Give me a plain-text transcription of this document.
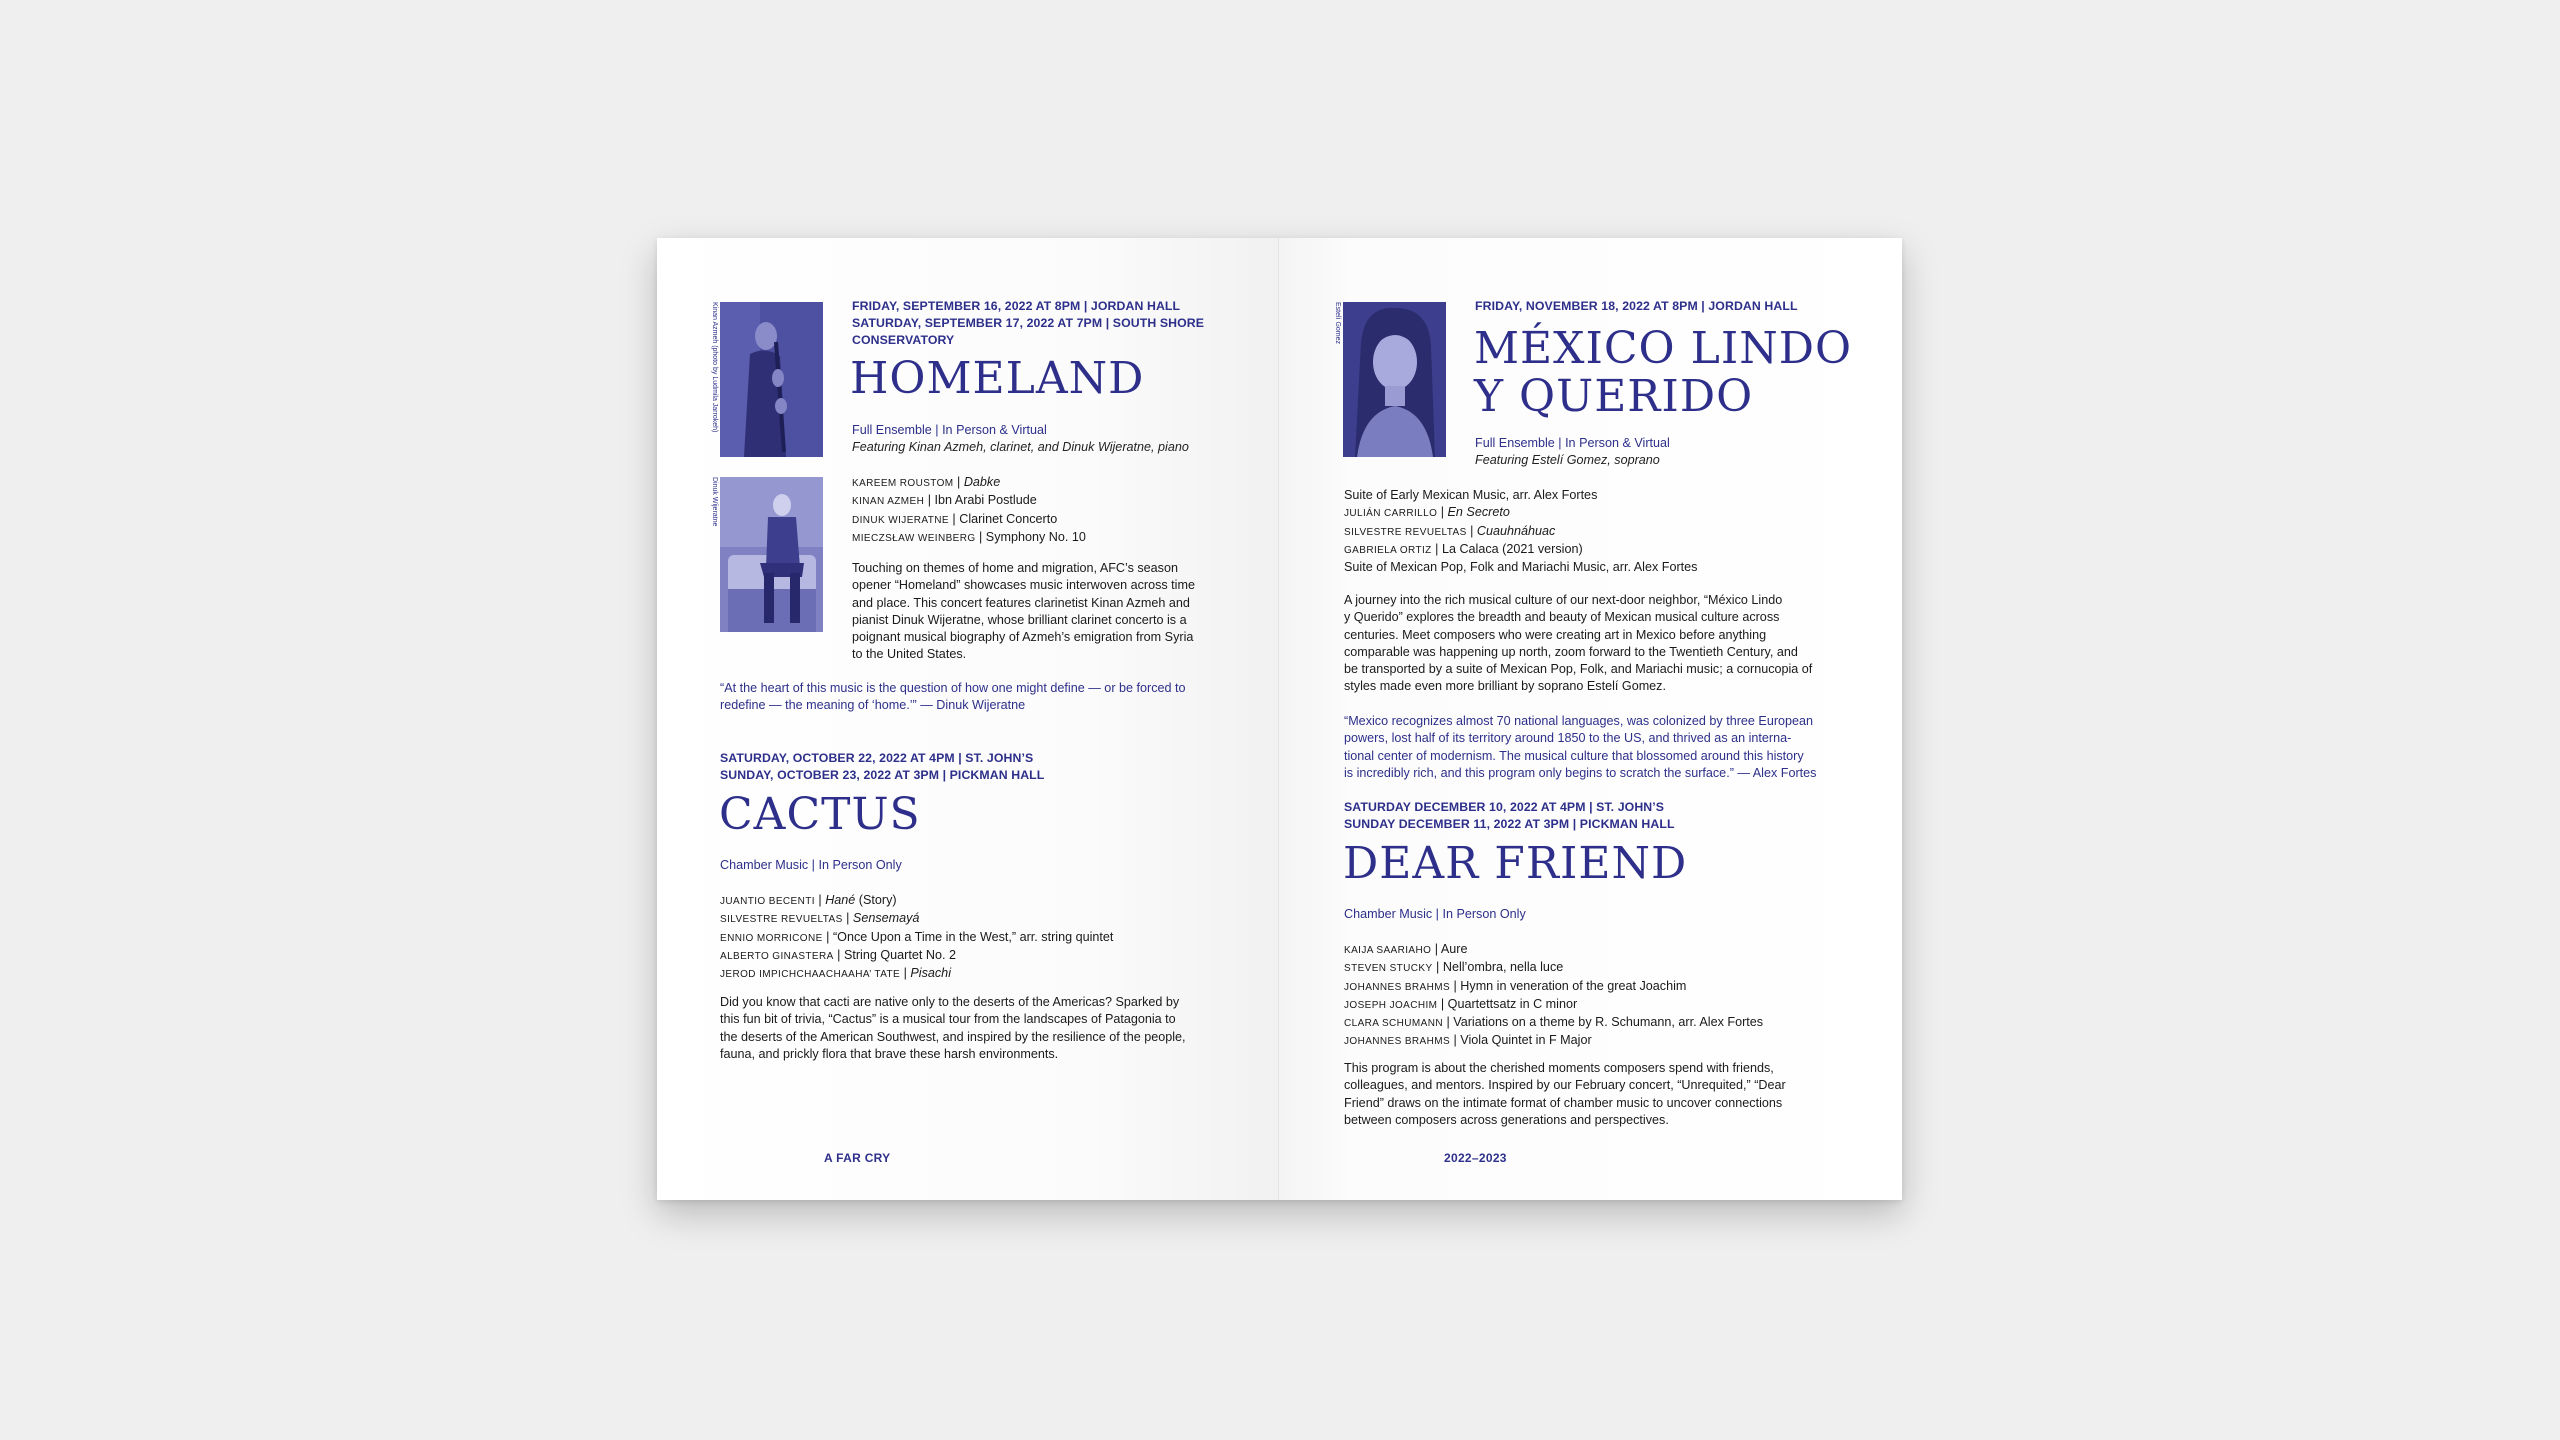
Kinan Azmeh (photo by Ludmila Jarrokeh)
Dinuk Wijeratne
FRIDAY, SEPTEMBER 16, 2022 AT 8PM | JORDAN HALL
SATURDAY, SEPTEMBER 17, 2022 AT 7PM | SOUTH SHORE
CONSERVATORY
HOMELAND
Full Ensemble | In Person & Virtual
Featuring Kinan Azmeh, clarinet, and Dinuk Wijeratne, piano
KAREEM ROUSTOM | Dabke
KINAN AZMEH | Ibn Arabi Postlude
DINUK WIJERATNE | Clarinet Concerto
MIECZSŁAW WEINBERG | Symphony No. 10
Touching on themes of home and migration, AFC’s season
opener “Homeland” showcases music interwoven across time
and place. This concert features clarinetist Kinan Azmeh and
pianist Dinuk Wijeratne, whose brilliant clarinet concerto is a
poignant musical biography of Azmeh’s emigration from Syria
to the United States.
“At the heart of this music is the question of how one might define — or be forced to
redefine — the meaning of ‘home.’” — Dinuk Wijeratne
SATURDAY, OCTOBER 22, 2022 AT 4PM | ST. JOHN’S
SUNDAY, OCTOBER 23, 2022 AT 3PM | PICKMAN HALL
CACTUS
Chamber Music | In Person Only
JUANTIO BECENTI | Hané (Story)
SILVESTRE REVUELTAS | Sensemayá
ENNIO MORRICONE | “Once Upon a Time in the West,” arr. string quintet
ALBERTO GINASTERA | String Quartet No. 2
JEROD IMPICHCHAACHAAHA’ TATE | Pisachi
Did you know that cacti are native only to the deserts of the Americas? Sparked by
this fun bit of trivia, “Cactus” is a musical tour from the landscapes of Patagonia to
the deserts of the American Southwest, and inspired by the resilience of the people,
fauna, and prickly flora that brave these harsh environments.
A FAR CRY
Estelí Gomez	FRIDAY, NOVEMBER 18, 2022 AT 8PM | JORDAN HALL
MÉXICO LINDO
Y QUERIDO
Full Ensemble | In Person & Virtual
Featuring Estelí Gomez, soprano
Suite of Early Mexican Music, arr. Alex Fortes
JULIÁN CARRILLO | En Secreto
SILVESTRE REVUELTAS | Cuauhnáhuac
GABRIELA ORTIZ | La Calaca (2021 version)
Suite of Mexican Pop, Folk and Mariachi Music, arr. Alex Fortes
A journey into the rich musical culture of our next-door neighbor, “México Lindo
y Querido” explores the breadth and beauty of Mexican musical culture across
centuries. Meet composers who were creating art in Mexico before anything
comparable was happening up north, zoom forward to the Twentieth Century, and
be transported by a suite of Mexican Pop, Folk, and Mariachi music; a cornucopia of
styles made even more brilliant by soprano Estelí Gomez.
“Mexico recognizes almost 70 national languages, was colonized by three European
powers, lost half of its territory around 1850 to the US, and thrived as an interna-
tional center of modernism. The musical culture that blossomed around this history
is incredibly rich, and this program only begins to scratch the surface.” — Alex Fortes
SATURDAY DECEMBER 10, 2022 AT 4PM | ST. JOHN’S
SUNDAY DECEMBER 11, 2022 AT 3PM | PICKMAN HALL
DEAR FRIEND
Chamber Music | In Person Only
KAIJA SAARIAHO | Aure
STEVEN STUCKY | Nell’ombra, nella luce
JOHANNES BRAHMS | Hymn in veneration of the great Joachim
JOSEPH JOACHIM | Quartettsatz in C minor
CLARA SCHUMANN | Variations on a theme by R. Schumann, arr. Alex Fortes
JOHANNES BRAHMS | Viola Quintet in F Major
This program is about the cherished moments composers spend with friends,
colleagues, and mentors. Inspired by our February concert, “Unrequited,” “Dear
Friend” draws on the intimate format of chamber music to uncover connections
between composers across generations and perspectives.
2022–2023
